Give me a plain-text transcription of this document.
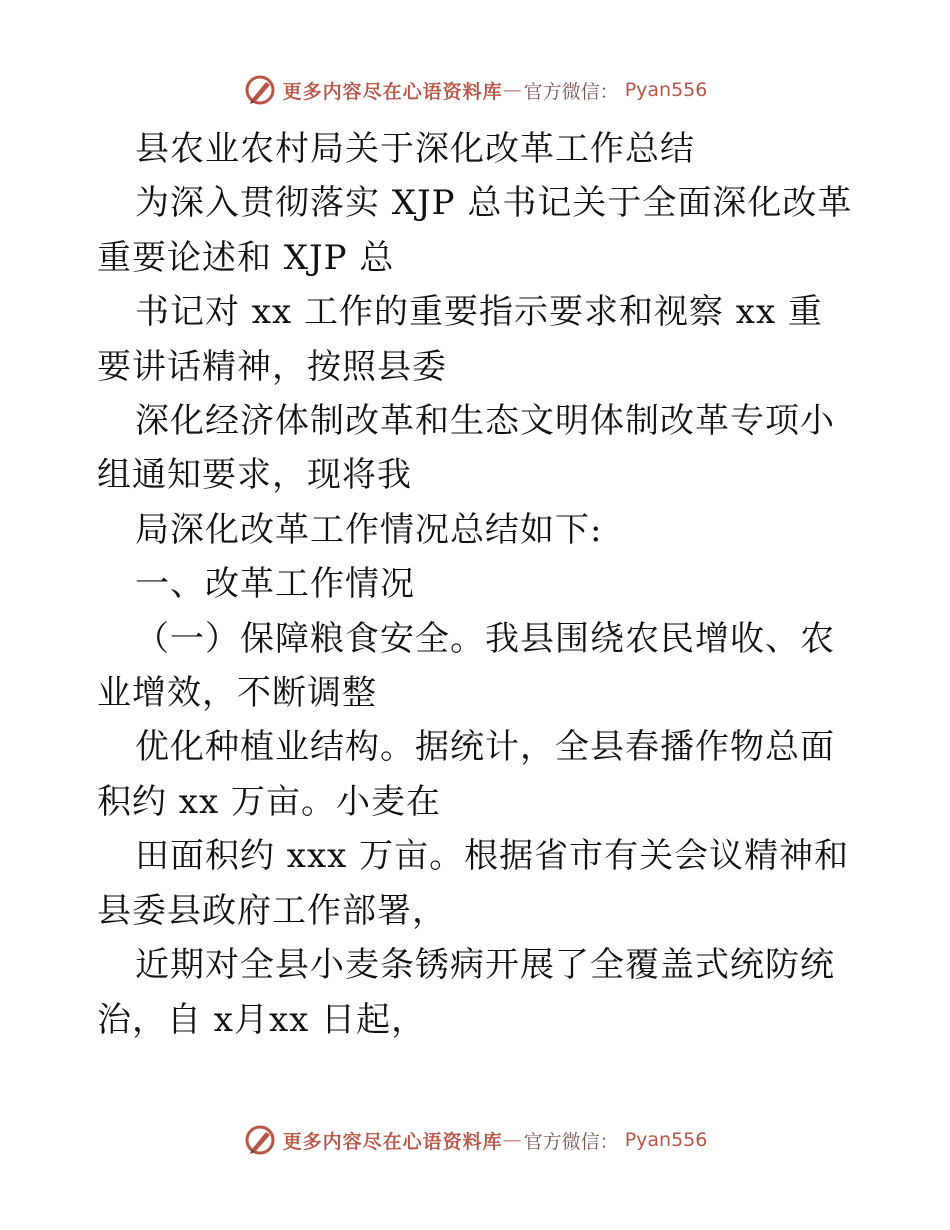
更多内容尽在心语资料库 — 官方微信： Pyan556

县农业农村局关于深化改革工作总结

为深入贯彻落实 XJP 总书记关于全面深化改革重要论述和 XJP 总

书记对 xx 工作的重要指示要求和视察 xx 重要讲话精神，按照县委

深化经济体制改革和生态文明体制改革专项小组通知要求，现将我

局深化改革工作情况总结如下:

一、改革工作情况

（一）保障粮食安全。我县围绕农民增收、农业增效，不断调整

优化种植业结构。据统计，全县春播作物总面积约 xx 万亩。小麦在

田面积约 xxx 万亩。根据省市有关会议精神和县委县政府工作部署，

近期对全县小麦条锈病开展了全覆盖式统防统治，自 x月xx 日起，

更多内容尽在心语资料库 — 官方微信： Pyan556
